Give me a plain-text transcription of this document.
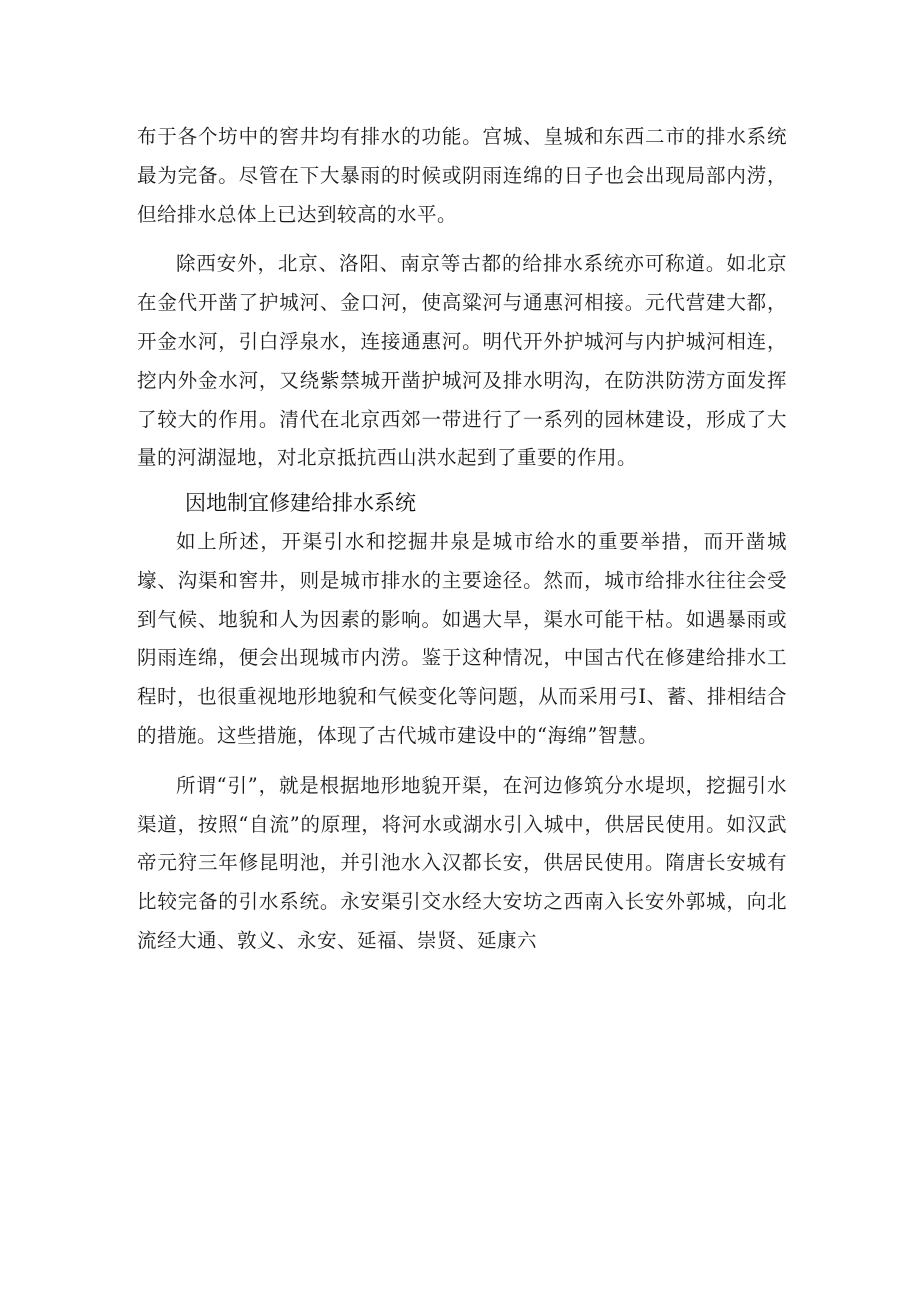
布于各个坊中的窖井均有排水的功能。宫城、皇城和东西二市的排水系统最为完备。尽管在下大暴雨的时候或阴雨连绵的日子也会出现局部内涝，但给排水总体上已达到较高的水平。

除西安外，北京、洛阳、南京等古都的给排水系统亦可称道。如北京在金代开凿了护城河、金口河，使高粱河与通惠河相接。元代营建大都，开金水河，引白浮泉水，连接通惠河。明代开外护城河与内护城河相连，挖内外金水河，又绕紫禁城开凿护城河及排水明沟，在防洪防涝方面发挥了较大的作用。清代在北京西郊一带进行了一系列的园林建设，形成了大量的河湖湿地，对北京抵抗西山洪水起到了重要的作用。

因地制宜修建给排水系统

如上所述，开渠引水和挖掘井泉是城市给水的重要举措，而开凿城壕、沟渠和窖井，则是城市排水的主要途径。然而，城市给排水往往会受到气候、地貌和人为因素的影响。如遇大旱，渠水可能干枯。如遇暴雨或阴雨连绵，便会出现城市内涝。鉴于这种情况，中国古代在修建给排水工程时，也很重视地形地貌和气候变化等问题，从而采用弓I、蓄、排相结合的措施。这些措施，体现了古代城市建设中的“海绵”智慧。

所谓“引”，就是根据地形地貌开渠，在河边修筑分水堤坝，挖掘引水渠道，按照“自流”的原理，将河水或湖水引入城中，供居民使用。如汉武帝元狩三年修昆明池，并引池水入汉都长安，供居民使用。隋唐长安城有比较完备的引水系统。永安渠引交水经大安坊之西南入长安外郭城，向北流经大通、敦义、永安、延福、崇贤、延康六
